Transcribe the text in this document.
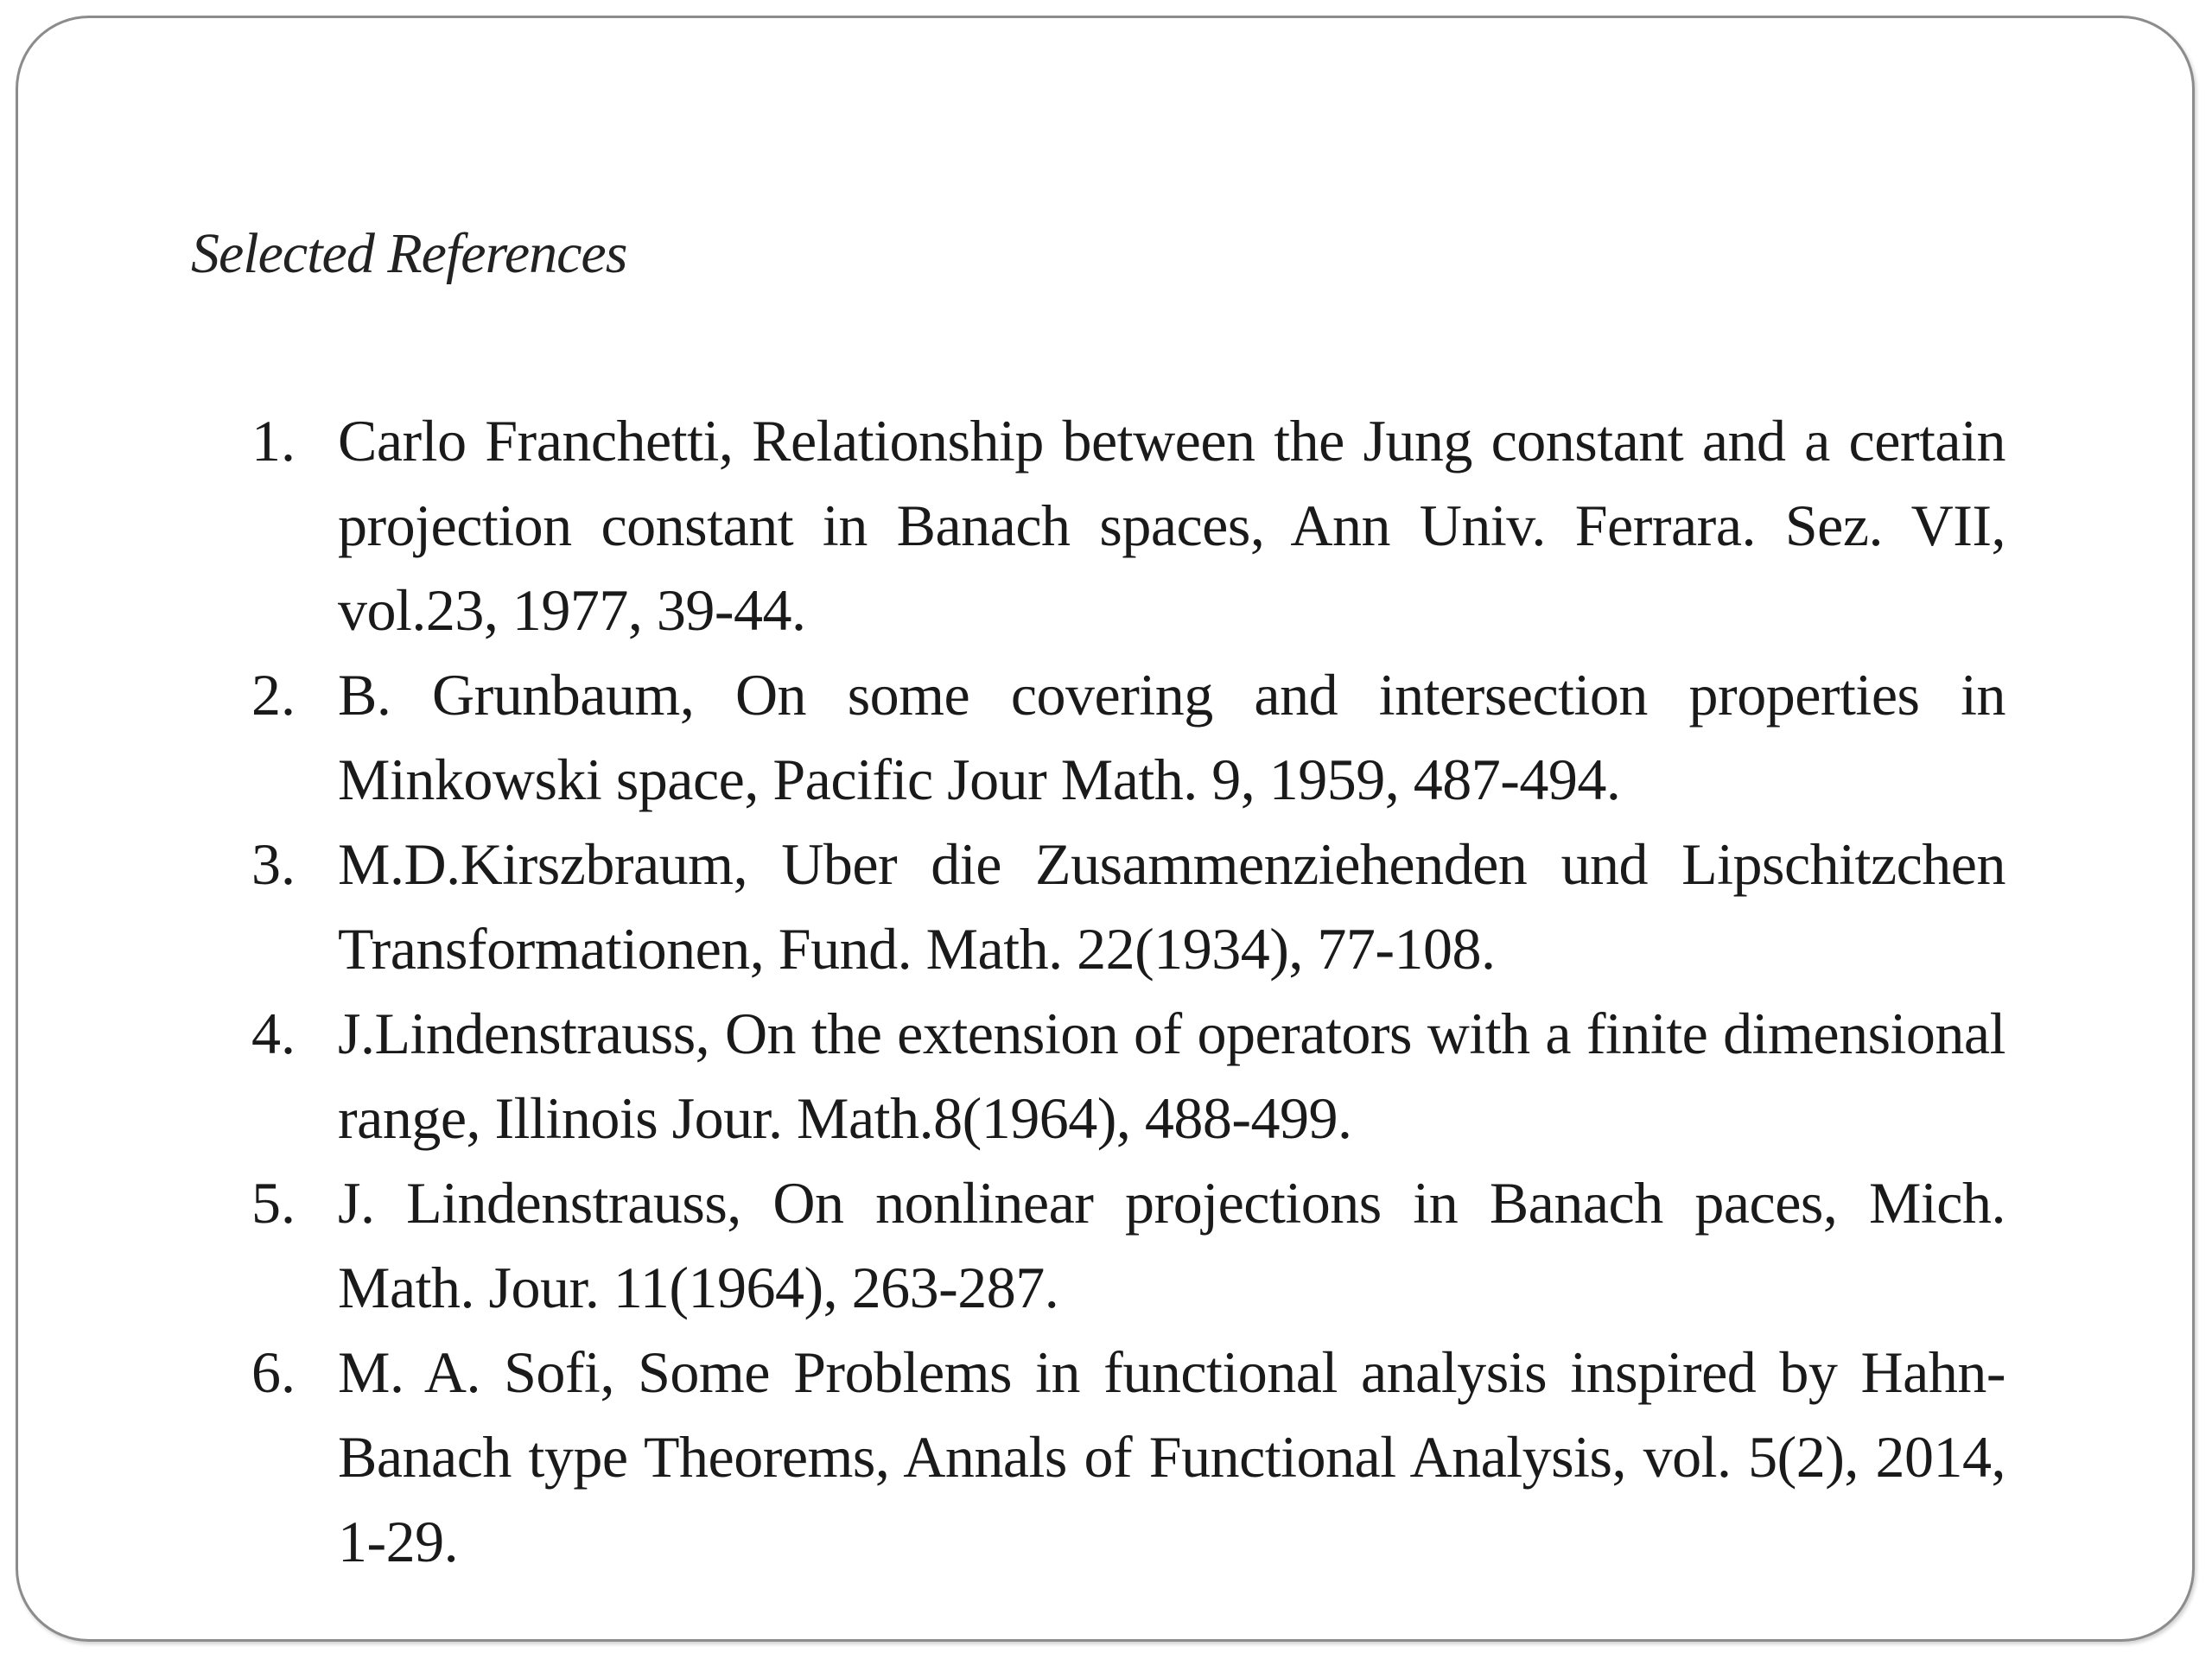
Selected References
1. Carlo Franchetti, Relationship between the Jung constant and a certain projection constant in Banach spaces, Ann Univ. Ferrara. Sez. VII, vol.23, 1977, 39-44.
2. B. Grunbaum, On some covering and intersection properties in Minkowski space, Pacific Jour Math. 9, 1959, 487-494.
3. M.D.Kirszbraum, Uber die Zusammenziehenden und Lipschitzchen Transformationen, Fund. Math. 22(1934), 77-108.
4. J.Lindenstrauss, On the extension of operators with a finite dimensional range, Illinois Jour. Math.8(1964), 488-499.
5. J. Lindenstrauss, On nonlinear projections in Banach paces, Mich. Math. Jour. 11(1964), 263-287.
6. M. A. Sofi, Some Problems in functional analysis inspired by Hahn-Banach type Theorems, Annals of Functional Analysis, vol. 5(2), 2014, 1-29.
